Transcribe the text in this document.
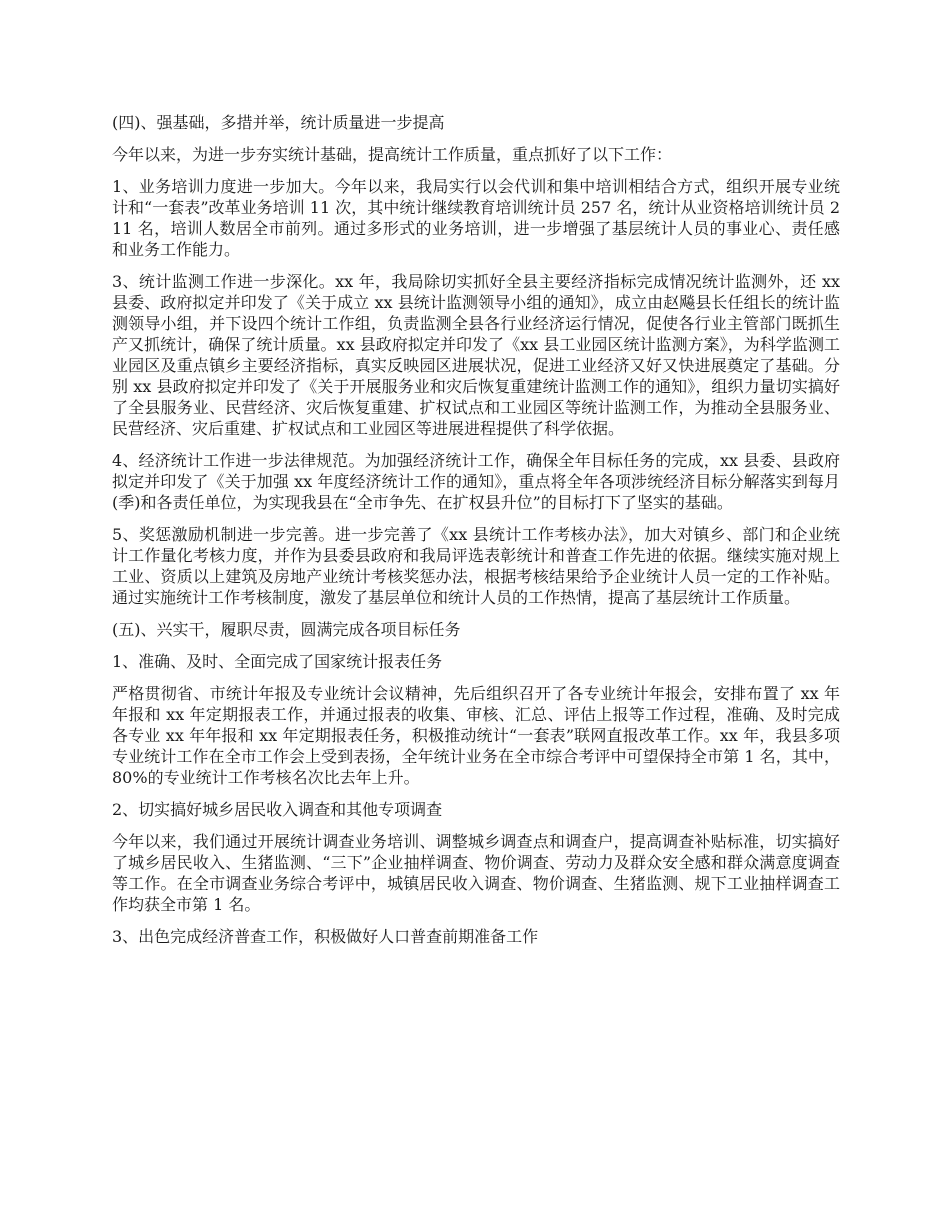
(四)、强基础，多措并举，统计质量进一步提高

今年以来，为进一步夯实统计基础，提高统计工作质量，重点抓好了以下工作：

1、业务培训力度进一步加大。今年以来，我局实行以会代训和集中培训相结合方式，组织开展专业统计和“一套表”改革业务培训 11 次，其中统计继续教育培训统计员 257 名，统计从业资格培训统计员 211 名，培训人数居全市前列。通过多形式的业务培训，进一步增强了基层统计人员的事业心、责任感和业务工作能力。

3、统计监测工作进一步深化。xx 年，我局除切实抓好全县主要经济指标完成情况统计监测外，还 xx 县委、政府拟定并印发了《关于成立 xx 县统计监测领导小组的通知》，成立由赵飚县长任组长的统计监测领导小组，并下设四个统计工作组，负责监测全县各行业经济运行情况，促使各行业主管部门既抓生产又抓统计，确保了统计质量。xx 县政府拟定并印发了《xx 县工业园区统计监测方案》，为科学监测工业园区及重点镇乡主要经济指标，真实反映园区进展状况，促进工业经济又好又快进展奠定了基础。分别 xx 县政府拟定并印发了《关于开展服务业和灾后恢复重建统计监测工作的通知》，组织力量切实搞好了全县服务业、民营经济、灾后恢复重建、扩权试点和工业园区等统计监测工作，为推动全县服务业、民营经济、灾后重建、扩权试点和工业园区等进展进程提供了科学依据。

4、经济统计工作进一步法律规范。为加强经济统计工作，确保全年目标任务的完成，xx 县委、县政府拟定并印发了《关于加强 xx 年度经济统计工作的通知》，重点将全年各项涉统经济目标分解落实到每月(季)和各责任单位，为实现我县在“全市争先、在扩权县升位”的目标打下了坚实的基础。

5、奖惩激励机制进一步完善。进一步完善了《xx 县统计工作考核办法》，加大对镇乡、部门和企业统计工作量化考核力度，并作为县委县政府和我局评选表彰统计和普查工作先进的依据。继续实施对规上工业、资质以上建筑及房地产业统计考核奖惩办法，根据考核结果给予企业统计人员一定的工作补贴。通过实施统计工作考核制度，激发了基层单位和统计人员的工作热情，提高了基层统计工作质量。

(五)、兴实干，履职尽责，圆满完成各项目标任务

1、准确、及时、全面完成了国家统计报表任务

严格贯彻省、市统计年报及专业统计会议精神，先后组织召开了各专业统计年报会，安排布置了 xx 年年报和 xx 年定期报表工作，并通过报表的收集、审核、汇总、评估上报等工作过程，准确、及时完成各专业 xx 年年报和 xx 年定期报表任务，积极推动统计“一套表”联网直报改革工作。xx 年，我县多项专业统计工作在全市工作会上受到表扬，全年统计业务在全市综合考评中可望保持全市第 1 名，其中，80%的专业统计工作考核名次比去年上升。

2、切实搞好城乡居民收入调查和其他专项调查

今年以来，我们通过开展统计调查业务培训、调整城乡调查点和调查户，提高调查补贴标准，切实搞好了城乡居民收入、生猪监测、“三下”企业抽样调查、物价调查、劳动力及群众安全感和群众满意度调查等工作。在全市调查业务综合考评中，城镇居民收入调查、物价调查、生猪监测、规下工业抽样调查工作均获全市第 1 名。

3、出色完成经济普查工作，积极做好人口普查前期准备工作
